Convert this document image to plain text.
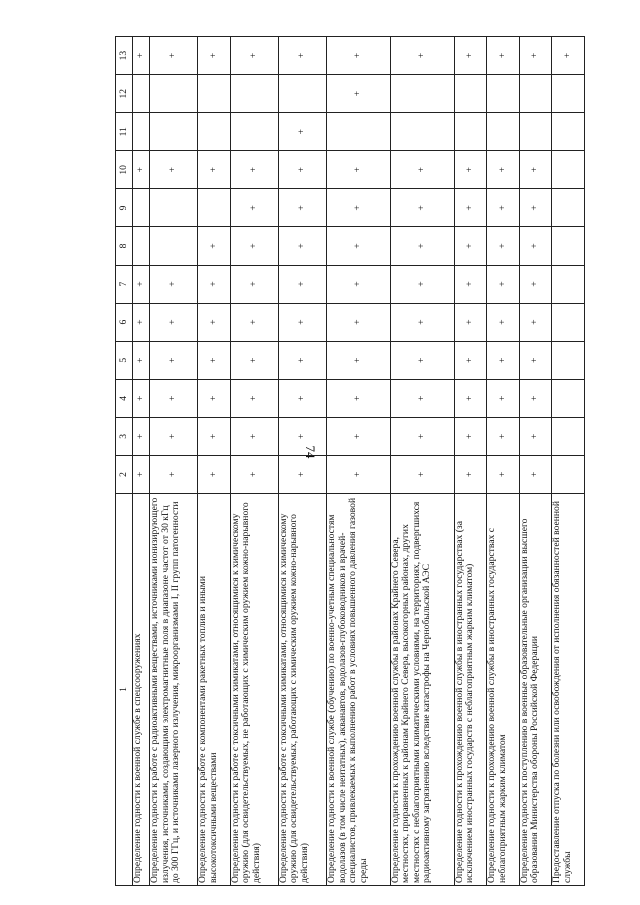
74
1	2	3	4	5	6	7	8	9	10	11	12	13
Определение годности к военной службе в спецсооружениях	+	+	+	+	+	+			+			+
Определение годности к работе с радиоактивными веществами, источниками ионизирующего излучения, источниками, создающими электромагнитные поля в диапазоне частот от 30 кГц до 300 ГГц, и источниками лазерного излучения, микроорганизмами I, II групп патогенности	+	+	+	+	+	+			+			+
Определение годности к работе с компонентами ракетных топлив и иными высокотоксичными веществами	+	+	+	+	+	+	+		+			+
Определение годности к работе с токсичными химикатами, относящимися к химическому оружию (для освидетельствуемых, не работающих с химическим оружием кожно-нарывного действия)	+	+	+	+	+	+	+	+	+			+
Определение годности к работе с токсичными химикатами, относящимися к химическому оружию (для освидетельствуемых, работающих с химическим оружием кожно-нарывного действия)	+	+	+	+	+	+	+	+	+	+		+
Определение годности к военной службе (обучению) по военно-учетным специальностям водолазов (в том числе неитатных), акванавтов, водолазов-глубоководников и врачей-специалистов, привлекаемых к выполнению работ в условиях повышенного давления газовой среды	+	+	+	+	+	+	+	+	+		+	+
Определение годности к прохождению военной службы в районах Крайнего Севера, местностях, приравненных к районам Крайнего Севера, высокогорных районах, других местностях с неблагоприятными климатическими условиями, на территориях, подвергшихся радиоактивному загрязнению вследствие катастрофы на Чернобыльской АЭС	+	+	+	+	+	+	+	+	+			+
Определение годности к прохождению военной службы в иностранных государствах (за исключением иностранных государств с неблагоприятным жарким климатом)	+	+	+	+	+	+	+	+	+			+
Определение годности к прохождению военной службы в иностранных государствах с неблагоприятным жарким климатом	+	+	+	+	+	+	+	+	+			+
Определение годности к поступлению в военные образовательные организации высшего образования Министерства обороны Российской Федерации	+	+	+	+	+	+	+	+	+			+
Предоставление отпуска по болезни или освобождения от исполнения обязанностей военной службы												+
